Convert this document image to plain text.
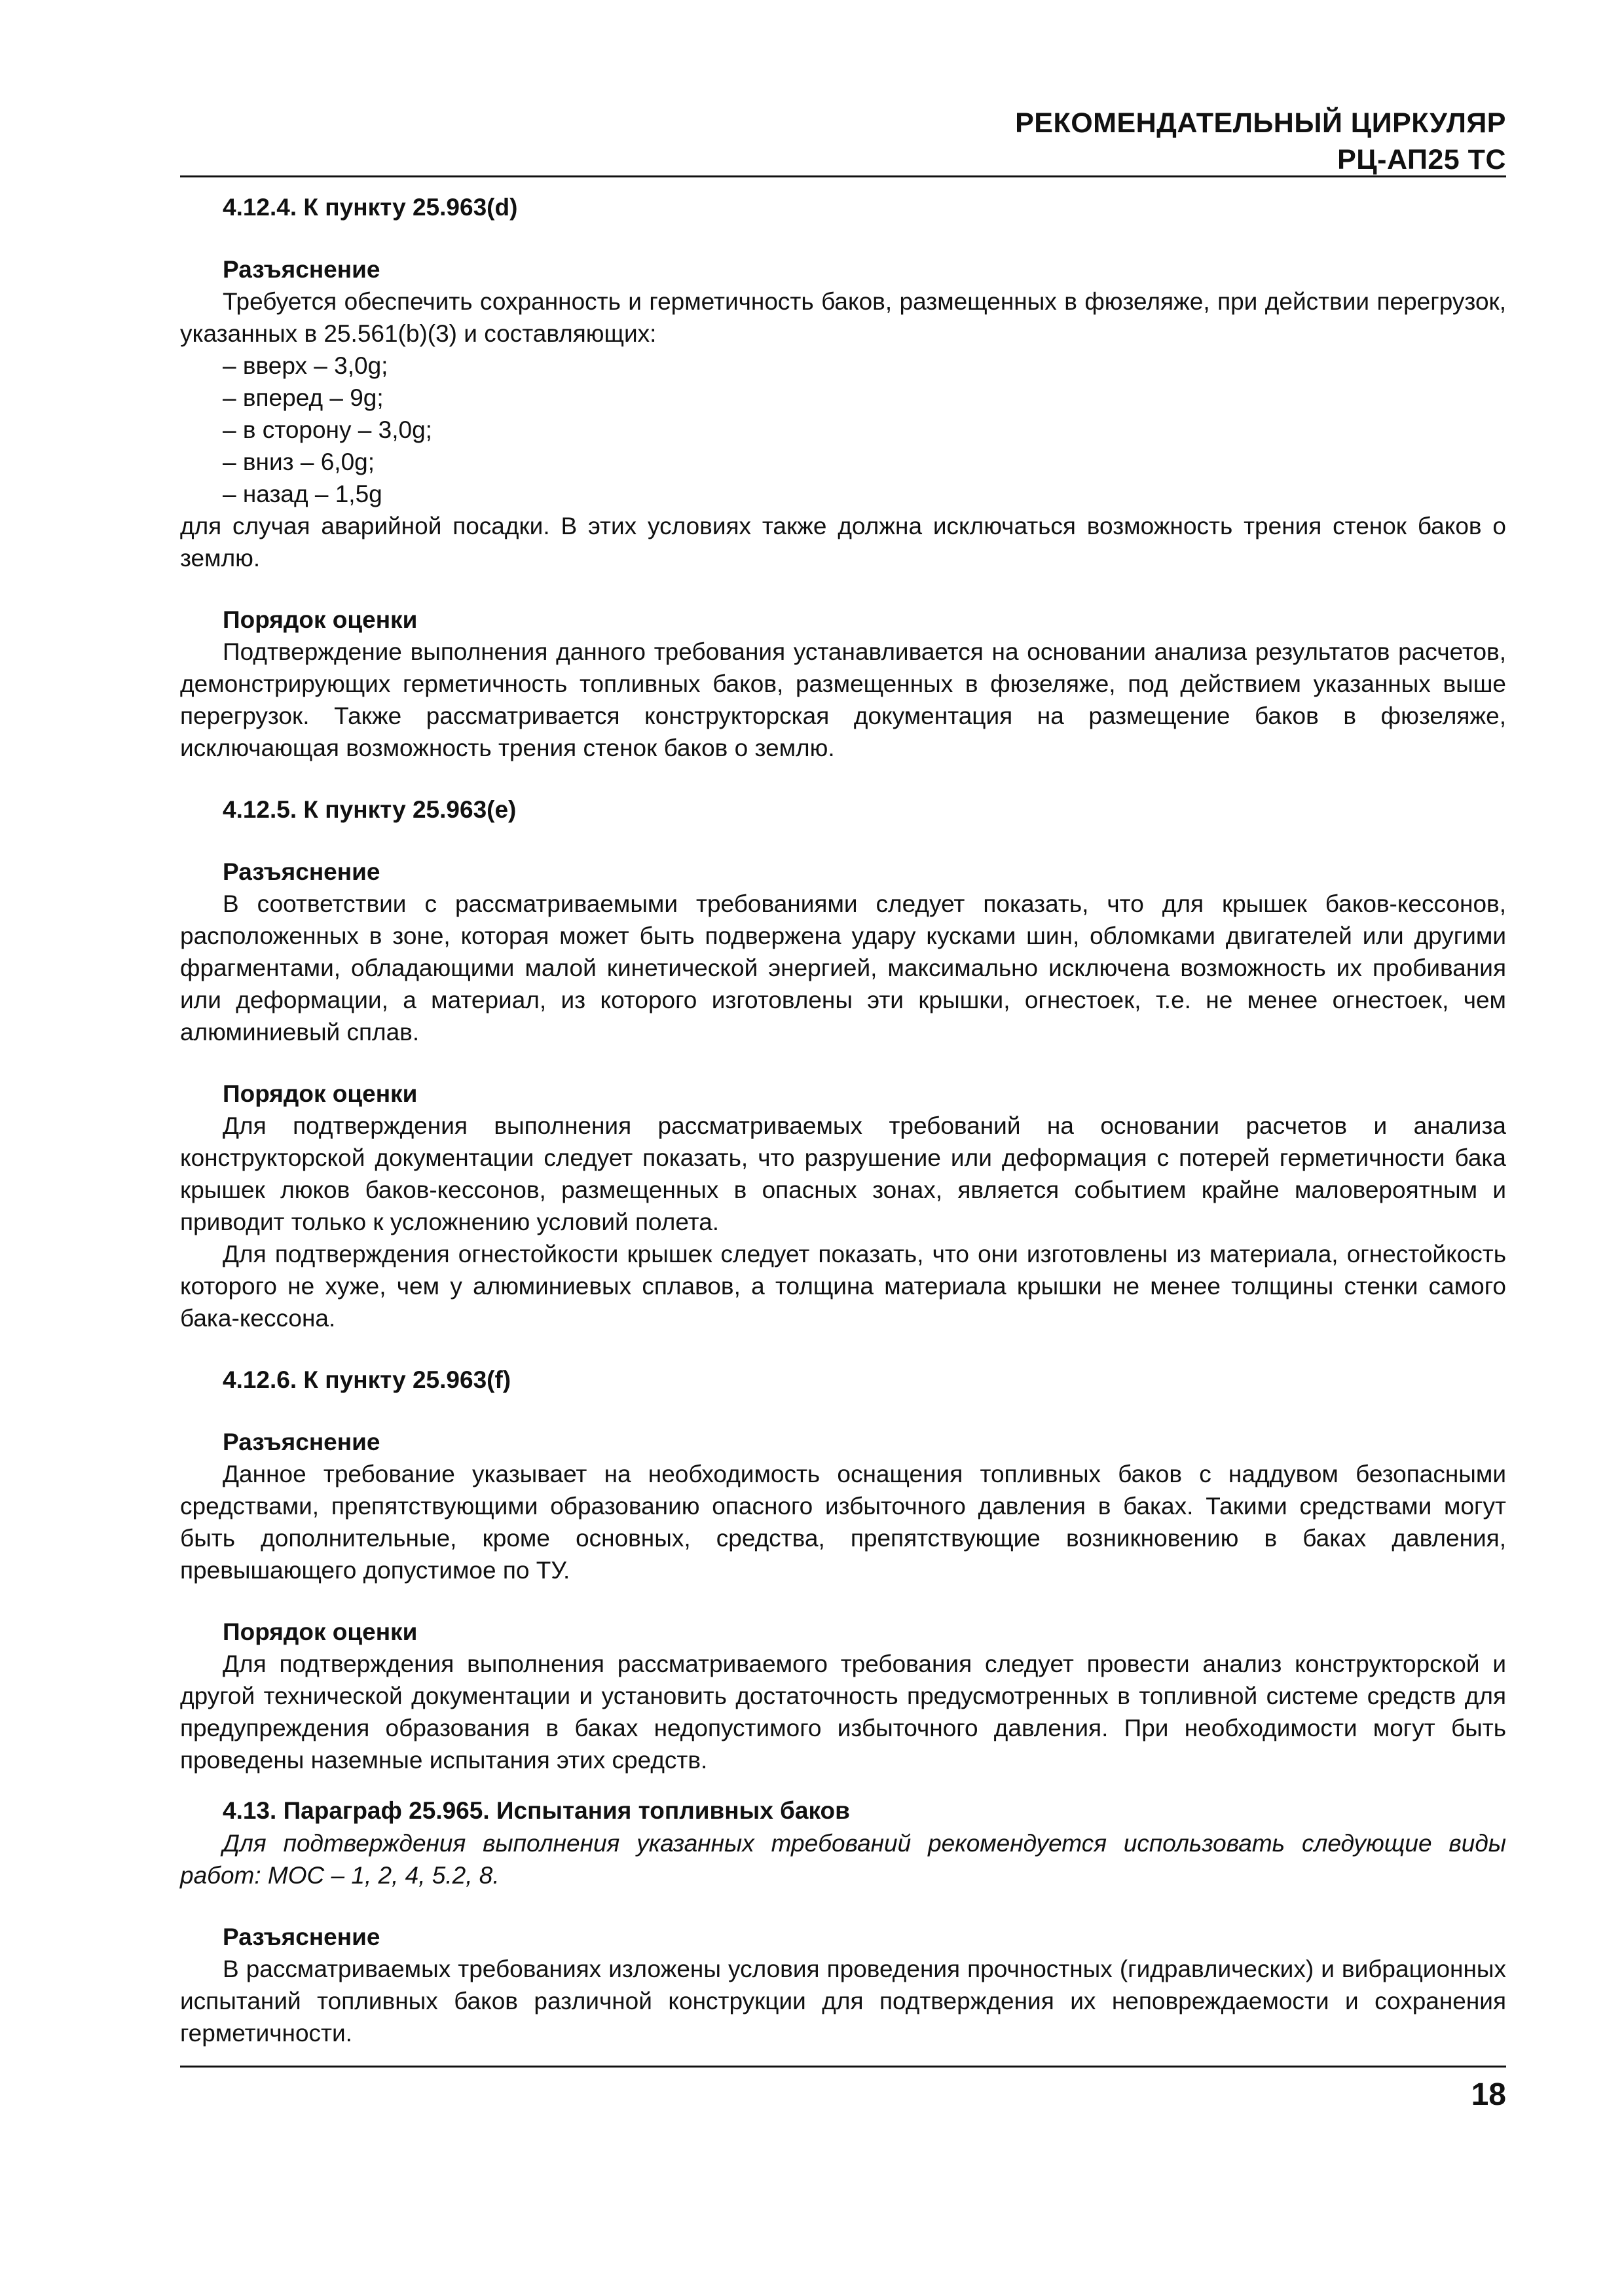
РЕКОМЕНДАТЕЛЬНЫЙ ЦИРКУЛЯР
РЦ-АП25 ТС

4.12.4. К пункту 25.963(d)

Разъяснение

Требуется обеспечить сохранность и герметичность баков, размещенных в фюзеляже, при действии перегрузок, указанных в 25.561(b)(3) и составляющих:

– вверх – 3,0g;

– вперед – 9g;

– в сторону – 3,0g;

– вниз – 6,0g;

– назад – 1,5g

для случая аварийной посадки. В этих условиях также должна исключаться возможность трения стенок баков о землю.

Порядок оценки

Подтверждение выполнения данного требования устанавливается на основании анализа результатов расчетов, демонстрирующих герметичность топливных баков, размещенных в фюзеляже, под действием указанных выше перегрузок. Также рассматривается конструкторская документация на размещение баков в фюзеляже, исключающая возможность трения стенок баков о землю.

4.12.5. К пункту 25.963(e)

Разъяснение

В соответствии с рассматриваемыми требованиями следует показать, что для крышек баков-кессонов, расположенных в зоне, которая может быть подвержена удару кусками шин, обломками двигателей или другими фрагментами, обладающими малой кинетической энергией, максимально исключена возможность их пробивания или деформации, а материал, из которого изготовлены эти крышки, огнестоек, т.е. не менее огнестоек, чем алюминиевый сплав.

Порядок оценки

Для подтверждения выполнения рассматриваемых требований на основании расчетов и анализа конструкторской документации следует показать, что разрушение или деформация с потерей герметичности бака крышек люков баков-кессонов, размещенных в опасных зонах, является событием крайне маловероятным и приводит только к усложнению условий полета.

Для подтверждения огнестойкости крышек следует показать, что они изготовлены из материала, огнестойкость которого не хуже, чем у алюминиевых сплавов, а толщина материала крышки не менее толщины стенки самого бака-кессона.

4.12.6. К пункту 25.963(f)

Разъяснение

Данное требование указывает на необходимость оснащения топливных баков с наддувом безопасными средствами, препятствующими образованию опасного избыточного давления в баках. Такими средствами могут быть дополнительные, кроме основных, средства, препятствующие возникновению в баках давления, превышающего допустимое по ТУ.

Порядок оценки

Для подтверждения выполнения рассматриваемого требования следует провести анализ конструкторской и другой технической документации и установить достаточность предусмотренных в топливной системе средств для предупреждения образования в баках недопустимого избыточного давления. При необходимости могут быть проведены наземные испытания этих средств.

4.13. Параграф 25.965. Испытания топливных баков

Для подтверждения выполнения указанных требований рекомендуется использовать следующие виды работ: МОС – 1, 2, 4, 5.2, 8.

Разъяснение

В рассматриваемых требованиях изложены условия проведения прочностных (гидравлических) и вибрационных испытаний топливных баков различной конструкции для подтверждения их неповреждаемости и сохранения герметичности.

18
